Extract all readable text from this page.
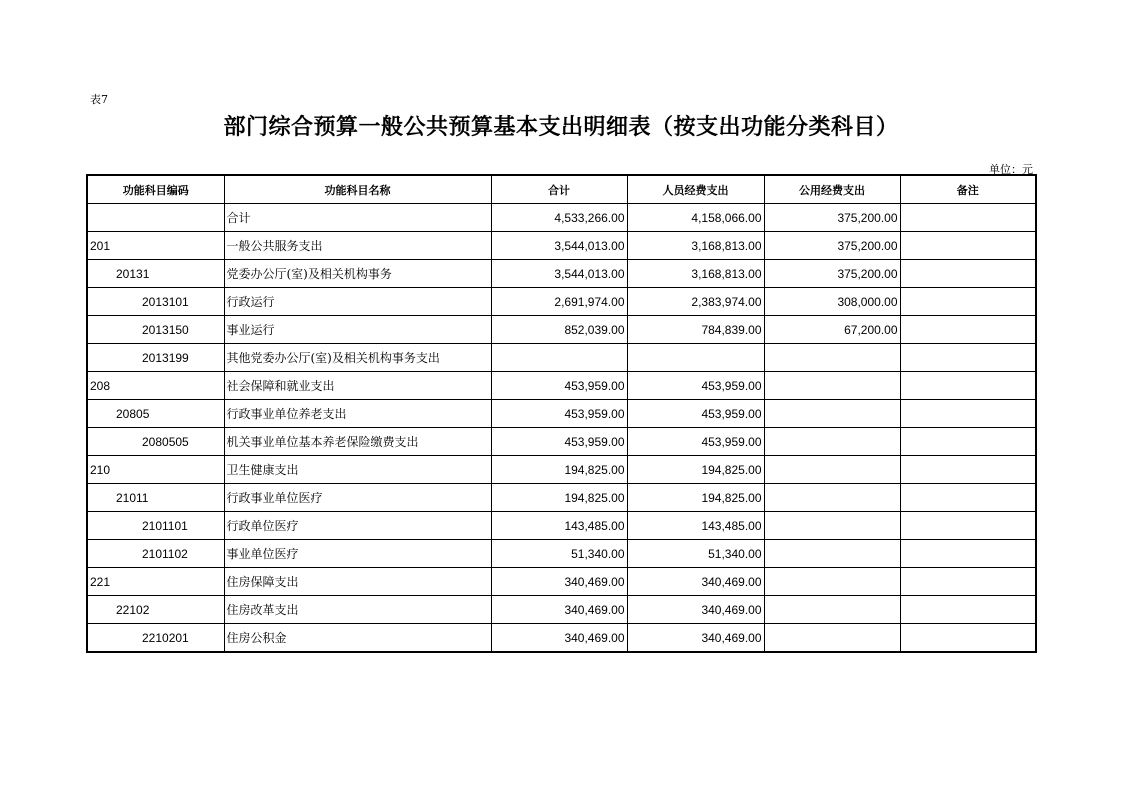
表7
部门综合预算一般公共预算基本支出明细表（按支出功能分类科目）
单位：元
功能科目编码	功能科目名称	合计	人员经费支出	公用经费支出	备注
	合计	4,533,266.00	4,158,066.00	375,200.00	
201	一般公共服务支出	3,544,013.00	3,168,813.00	375,200.00	
20131	党委办公厅(室)及相关机构事务	3,544,013.00	3,168,813.00	375,200.00	
2013101	行政运行	2,691,974.00	2,383,974.00	308,000.00	
2013150	事业运行	852,039.00	784,839.00	67,200.00	
2013199	其他党委办公厅(室)及相关机构事务支出				
208	社会保障和就业支出	453,959.00	453,959.00		
20805	行政事业单位养老支出	453,959.00	453,959.00		
2080505	机关事业单位基本养老保险缴费支出	453,959.00	453,959.00		
210	卫生健康支出	194,825.00	194,825.00		
21011	行政事业单位医疗	194,825.00	194,825.00		
2101101	行政单位医疗	143,485.00	143,485.00		
2101102	事业单位医疗	51,340.00	51,340.00		
221	住房保障支出	340,469.00	340,469.00		
22102	住房改革支出	340,469.00	340,469.00		
2210201	住房公积金	340,469.00	340,469.00		
